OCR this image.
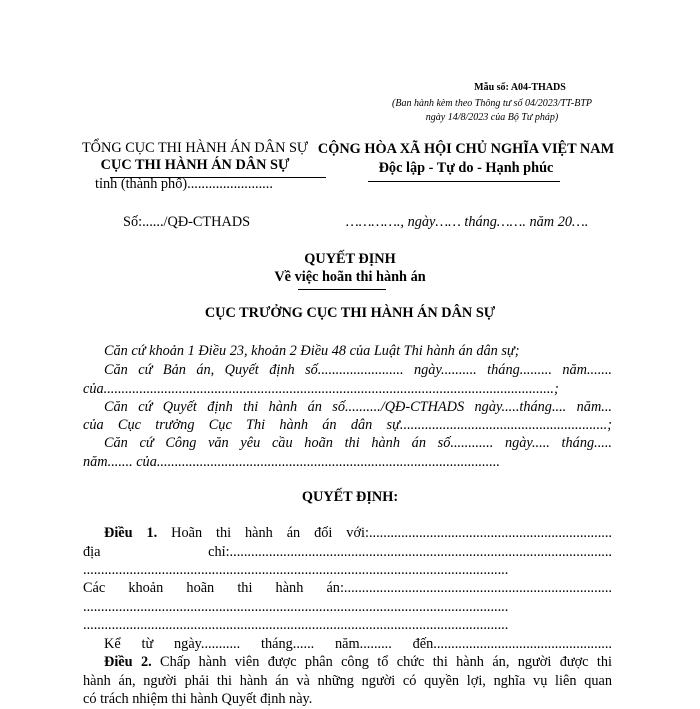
Mẫu số: A04-THADS
(Ban hành kèm theo Thông tư số 04/2023/TT-BTP
ngày 14/8/2023 của Bộ Tư pháp)
TỔNG CỤC THI HÀNH ÁN DÂN SỰ
CỤC THI HÀNH ÁN DÂN SỰ
tỉnh (thành phố)........................
CỘNG HÒA XÃ HỘI CHỦ NGHĨA VIỆT NAM
Độc lập - Tự do - Hạnh phúc
Số:....../QĐ-CTHADS	…………., ngày…… tháng……. năm 20….
QUYẾT ĐỊNH
Về việc hoãn thi hành án
CỤC TRƯỞNG CỤC THI HÀNH ÁN DÂN SỰ
Căn cứ khoản 1 Điều 23, khoản 2 Điều 48 của Luật Thi hành án dân sự;
Căn cứ Bản án, Quyết định số........................ ngày.......... tháng......... năm.......
của..............................................................................................................................;
Căn cứ Quyết định thi hành án số........../QĐ-CTHADS ngày.....tháng.... năm...
của Cục trưởng Cục Thi hành án dân sự..........................................................;
Căn cứ Công văn yêu cầu hoãn thi hành án số............ ngày..... tháng.....
năm....... của................................................................................................
QUYẾT ĐỊNH:
Điều 1. Hoãn thi hành án đối với:....................................................................
địa chỉ:...........................................................................................................
.......................................................................................................................
Các khoản hoãn thi hành án:...........................................................................
.......................................................................................................................
.......................................................................................................................
Kể từ ngày........... tháng...... năm......... đến..................................................
Điều 2. Chấp hành viên được phân công tổ chức thi hành án, người được thi
hành án, người phải thi hành án và những người có quyền lợi, nghĩa vụ liên quan
có trách nhiệm thi hành Quyết định này.
